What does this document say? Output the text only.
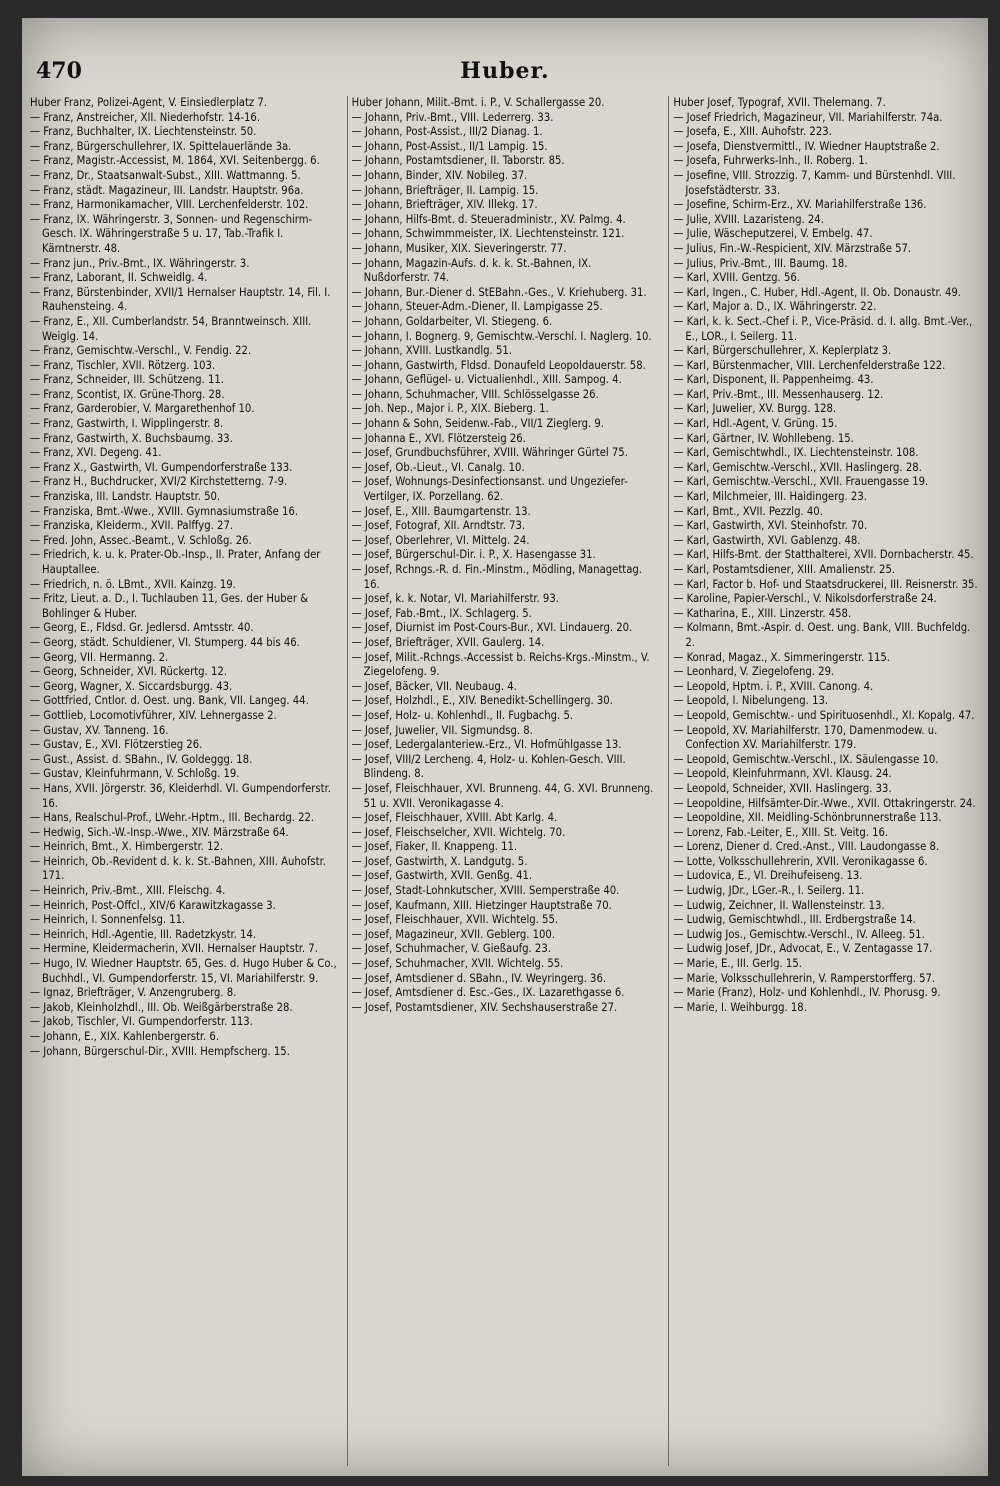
470	Huber.

Huber Franz, Polizei-Agent, V. Einsiedlerplatz 7.

— Franz, Anstreicher, XII. Niederhofstr. 14-16.

— Franz, Buchhalter, IX. Liechtensteinstr. 50.

— Franz, Bürgerschullehrer, IX. Spittelauerlände 3a.

— Franz, Magistr.-Accessist, M. 1864, XVI. Seitenbergg. 6.

— Franz, Dr., Staatsanwalt-Subst., XIII. Wattmanng. 5.

— Franz, städt. Magazineur, III. Landstr. Hauptstr. 96a.

— Franz, Harmonikamacher, VIII. Lerchenfelderstr. 102.

— Franz, IX. Währingerstr. 3, Sonnen- und Regenschirm-Gesch. IX. Währingerstraße 5 u. 17, Tab.-Trafik I. Kärntnerstr. 48.

— Franz jun., Priv.-Bmt., IX. Währingerstr. 3.

— Franz, Laborant, II. Schweidlg. 4.

— Franz, Bürstenbinder, XVII/1 Hernalser Hauptstr. 14, Fil. I. Rauhensteing. 4.

— Franz, E., XII. Cumberlandstr. 54, Branntweinsch. XIII. Weiglg. 14.

— Franz, Gemischtw.-Verschl., V. Fendig. 22.

— Franz, Tischler, XVII. Rötzerg. 103.

— Franz, Schneider, III. Schützeng. 11.

— Franz, Scontist, IX. Grüne-Thorg. 28.

— Franz, Garderobier, V. Margarethenhof 10.

— Franz, Gastwirth, I. Wipplingerstr. 8.

— Franz, Gastwirth, X. Buchsbaumg. 33.

— Franz, XVI. Degeng. 41.

— Franz X., Gastwirth, VI. Gumpendorferstraße 133.

— Franz H., Buchdrucker, XVI/2 Kirchstetterng. 7-9.

— Franziska, III. Landstr. Hauptstr. 50.

— Franziska, Bmt.-Wwe., XVIII. Gymnasiumstraße 16.

— Franziska, Kleiderm., XVII. Palffyg. 27.

— Fred. John, Assec.-Beamt., V. Schloßg. 26.

— Friedrich, k. u. k. Prater-Ob.-Insp., II. Prater, Anfang der Hauptallee.

— Friedrich, n. ö. LBmt., XVII. Kainzg. 19.

— Fritz, Lieut. a. D., I. Tuchlauben 11, Ges. der Huber & Bohlinger & Huber.

— Georg, E., Fldsd. Gr. Jedlersd. Amtsstr. 40.

— Georg, städt. Schuldiener, VI. Stumperg. 44 bis 46.

— Georg, VII. Hermanng. 2.

— Georg, Schneider, XVI. Rückertg. 12.

— Georg, Wagner, X. Siccardsburgg. 43.

— Gottfried, Cntlor. d. Oest. ung. Bank, VII. Langeg. 44.

— Gottlieb, Locomotivführer, XIV. Lehnergasse 2.

— Gustav, XV. Tanneng. 16.

— Gustav, E., XVI. Flötzerstieg 26.

— Gust., Assist. d. SBahn., IV. Goldeggg. 18.

— Gustav, Kleinfuhrmann, V. Schloßg. 19.

— Hans, XVII. Jörgerstr. 36, Kleiderhdl. VI. Gumpendorferstr. 16.

— Hans, Realschul-Prof., LWehr.-Hptm., III. Bechardg. 22.

— Hedwig, Sich.-W.-Insp.-Wwe., XIV. Märzstraße 64.

— Heinrich, Bmt., X. Himbergerstr. 12.

— Heinrich, Ob.-Revident d. k. k. St.-Bahnen, XIII. Auhofstr. 171.

— Heinrich, Priv.-Bmt., XIII. Fleischg. 4.

— Heinrich, Post-Offcl., XIV/6 Karawitzkagasse 3.

— Heinrich, I. Sonnenfelsg. 11.

— Heinrich, Hdl.-Agentie, III. Radetzkystr. 14.

— Hermine, Kleidermacherin, XVII. Hernalser Hauptstr. 7.

— Hugo, IV. Wiedner Hauptstr. 65, Ges. d. Hugo Huber & Co., Buchhdl., VI. Gumpendorferstr. 15, VI. Mariahilferstr. 9.

— Ignaz, Briefträger, V. Anzengruberg. 8.

— Jakob, Kleinholzhdl., III. Ob. Weißgärberstraße 28.

— Jakob, Tischler, VI. Gumpendorferstr. 113.

— Johann, E., XIX. Kahlenbergerstr. 6.

— Johann, Bürgerschul-Dir., XVIII. Hempfscherg. 15.

Huber Johann, Milit.-Bmt. i. P., V. Schallergasse 20.

— Johann, Priv.-Bmt., VIII. Lederrerg. 33.

— Johann, Post-Assist., III/2 Dianag. 1.

— Johann, Post-Assist., II/1 Lampig. 15.

— Johann, Postamtsdiener, II. Taborstr. 85.

— Johann, Binder, XIV. Nobileg. 37.

— Johann, Briefträger, II. Lampig. 15.

— Johann, Briefträger, XIV. Illekg. 17.

— Johann, Hilfs-Bmt. d. Steueradministr., XV. Palmg. 4.

— Johann, Schwimmmeister, IX. Liechtensteinstr. 121.

— Johann, Musiker, XIX. Sieveringerstr. 77.

— Johann, Magazin-Aufs. d. k. k. St.-Bahnen, IX. Nußdorferstr. 74.

— Johann, Bur.-Diener d. StEBahn.-Ges., V. Kriehuberg. 31.

— Johann, Steuer-Adm.-Diener, II. Lampigasse 25.

— Johann, Goldarbeiter, VI. Stiegeng. 6.

— Johann, I. Bognerg. 9, Gemischtw.-Verschl. I. Naglerg. 10.

— Johann, XVIII. Lustkandlg. 51.

— Johann, Gastwirth, Fldsd. Donaufeld Leopoldauerstr. 58.

— Johann, Geflügel- u. Victualienhdl., XIII. Sampog. 4.

— Johann, Schuhmacher, VIII. Schlösselgasse 26.

— Joh. Nep., Major i. P., XIX. Bieberg. 1.

— Johann & Sohn, Seidenw.-Fab., VII/1 Zieglerg. 9.

— Johanna E., XVI. Flötzersteig 26.

— Josef, Grundbuchsführer, XVIII. Währinger Gürtel 75.

— Josef, Ob.-Lieut., VI. Canalg. 10.

— Josef, Wohnungs-Desinfectionsanst. und Ungeziefer-Vertilger, IX. Porzellang. 62.

— Josef, E., XIII. Baumgartenstr. 13.

— Josef, Fotograf, XII. Arndtstr. 73.

— Josef, Oberlehrer, VI. Mittelg. 24.

— Josef, Bürgerschul-Dir. i. P., X. Hasengasse 31.

— Josef, Rchngs.-R. d. Fin.-Minstm., Mödling, Managettag. 16.

— Josef, k. k. Notar, VI. Mariahilferstr. 93.

— Josef, Fab.-Bmt., IX. Schlagerg. 5.

— Josef, Diurnist im Post-Cours-Bur., XVI. Lindauerg. 20.

— Josef, Briefträger, XVII. Gaulerg. 14.

— Josef, Milit.-Rchngs.-Accessist b. Reichs-Krgs.-Minstm., V. Ziegelofeng. 9.

— Josef, Bäcker, VII. Neubaug. 4.

— Josef, Holzhdl., E., XIV. Benedikt-Schellingerg. 30.

— Josef, Holz- u. Kohlenhdl., II. Fugbachg. 5.

— Josef, Juwelier, VII. Sigmundsg. 8.

— Josef, Ledergalanteriew.-Erz., VI. Hofmühlgasse 13.

— Josef, VIII/2 Lercheng. 4, Holz- u. Kohlen-Gesch. VIII. Blindeng. 8.

— Josef, Fleischhauer, XVI. Brunneng. 44, G. XVI. Brunneng. 51 u. XVII. Veronikagasse 4.

— Josef, Fleischhauer, XVIII. Abt Karlg. 4.

— Josef, Fleischselcher, XVII. Wichtelg. 70.

— Josef, Fiaker, II. Knappeng. 11.

— Josef, Gastwirth, X. Landgutg. 5.

— Josef, Gastwirth, XVII. Genßg. 41.

— Josef, Stadt-Lohnkutscher, XVIII. Semperstraße 40.

— Josef, Kaufmann, XIII. Hietzinger Hauptstraße 70.

— Josef, Fleischhauer, XVII. Wichtelg. 55.

— Josef, Magazineur, XVII. Geblerg. 100.

— Josef, Schuhmacher, V. Gießaufg. 23.

— Josef, Schuhmacher, XVII. Wichtelg. 55.

— Josef, Amtsdiener d. SBahn., IV. Weyringerg. 36.

— Josef, Amtsdiener d. Esc.-Ges., IX. Lazarethgasse 6.

— Josef, Postamtsdiener, XIV. Sechshauserstraße 27.

Huber Josef, Typograf, XVII. Thelemang. 7.

— Josef Friedrich, Magazineur, VII. Mariahilferstr. 74a.

— Josefa, E., XIII. Auhofstr. 223.

— Josefa, Dienstvermittl., IV. Wiedner Hauptstraße 2.

— Josefa, Fuhrwerks-Inh., II. Roberg. 1.

— Josefine, VIII. Strozzig. 7, Kamm- und Bürstenhdl. VIII. Josefstädterstr. 33.

— Josefine, Schirm-Erz., XV. Mariahilferstraße 136.

— Julie, XVIII. Lazaristeng. 24.

— Julie, Wäscheputzerei, V. Embelg. 47.

— Julius, Fin.-W.-Respicient, XIV. Märzstraße 57.

— Julius, Priv.-Bmt., III. Baumg. 18.

— Karl, XVIII. Gentzg. 56.

— Karl, Ingen., C. Huber, Hdl.-Agent, II. Ob. Donaustr. 49.

— Karl, Major a. D., IX. Währingerstr. 22.

— Karl, k. k. Sect.-Chef i. P., Vice-Präsid. d. I. allg. Bmt.-Ver., E., LOR., I. Seilerg. 11.

— Karl, Bürgerschullehrer, X. Keplerplatz 3.

— Karl, Bürstenmacher, VIII. Lerchenfelderstraße 122.

— Karl, Disponent, II. Pappenheimg. 43.

— Karl, Priv.-Bmt., III. Messenhauserg. 12.

— Karl, Juwelier, XV. Burgg. 128.

— Karl, Hdl.-Agent, V. Grüng. 15.

— Karl, Gärtner, IV. Wohllebeng. 15.

— Karl, Gemischtwhdl., IX. Liechtensteinstr. 108.

— Karl, Gemischtw.-Verschl., XVII. Haslingerg. 28.

— Karl, Gemischtw.-Verschl., XVII. Frauengasse 19.

— Karl, Milchmeier, III. Haidingerg. 23.

— Karl, Bmt., XVII. Pezzlg. 40.

— Karl, Gastwirth, XVI. Steinhofstr. 70.

— Karl, Gastwirth, XVI. Gablenzg. 48.

— Karl, Hilfs-Bmt. der Statthalterei, XVII. Dornbacherstr. 45.

— Karl, Postamtsdiener, XIII. Amalienstr. 25.

— Karl, Factor b. Hof- und Staatsdruckerei, III. Reisnerstr. 35.

— Karoline, Papier-Verschl., V. Nikolsdorferstraße 24.

— Katharina, E., XIII. Linzerstr. 458.

— Kolmann, Bmt.-Aspir. d. Oest. ung. Bank, VIII. Buchfeldg. 2.

— Konrad, Magaz., X. Simmeringerstr. 115.

— Leonhard, V. Ziegelofeng. 29.

— Leopold, Hptm. i. P., XVIII. Canong. 4.

— Leopold, I. Nibelungeng. 13.

— Leopold, Gemischtw.- und Spirituosenhdl., XI. Kopalg. 47.

— Leopold, XV. Mariahilferstr. 170, Damenmodew. u. Confection XV. Mariahilferstr. 179.

— Leopold, Gemischtw.-Verschl., IX. Säulengasse 10.

— Leopold, Kleinfuhrmann, XVI. Klausg. 24.

— Leopold, Schneider, XVII. Haslingerg. 33.

— Leopoldine, Hilfsämter-Dir.-Wwe., XVII. Ottakringerstr. 24.

— Leopoldine, XII. Meidling-Schönbrunnerstraße 113.

— Lorenz, Fab.-Leiter, E., XIII. St. Veitg. 16.

— Lorenz, Diener d. Cred.-Anst., VIII. Laudongasse 8.

— Lotte, Volksschullehrerin, XVII. Veronikagasse 6.

— Ludovica, E., VI. Dreihufeiseng. 13.

— Ludwig, JDr., LGer.-R., I. Seilerg. 11.

— Ludwig, Zeichner, II. Wallensteinstr. 13.

— Ludwig, Gemischtwhdl., III. Erdbergstraße 14.

— Ludwig Jos., Gemischtw.-Verschl., IV. Alleeg. 51.

— Ludwig Josef, JDr., Advocat, E., V. Zentagasse 17.

— Marie, E., III. Gerlg. 15.

— Marie, Volksschullehrerin, V. Ramperstorfferg. 57.

— Marie (Franz), Holz- und Kohlenhdl., IV. Phorusg. 9.

— Marie, I. Weihburgg. 18.
